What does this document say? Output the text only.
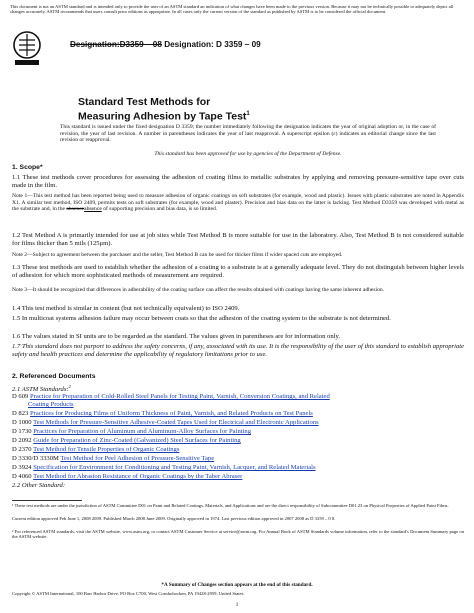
This document is not an ASTM standard and is intended only to provide the user of an ASTM standard an indication of what changes have been made to the previous version. Because it may not be technically possible to adequately depict all changes accurately, ASTM recommends that users consult prior editions as appropriate. In all cases only the current version of the standard as published by ASTM is to be considered the official document.
Designation:D3359 – 08 Designation: D 3359 – 09
Standard Test Methods for
Measuring Adhesion by Tape Test$^1$
This standard is issued under the fixed designation D 3359; the number immediately following the designation indicates the year of original adoption or, in the case of revision, the year of last revision. A number in parentheses indicates the year of last reapproval. A superscript epsilon (ε) indicates an editorial change since the last revision or reapproval.
This standard has been approved for use by agencies of the Department of Defense.
1. Scope*
1.1 These test methods cover procedures for assessing the adhesion of coating films to metallic substrates by applying and removing pressure-sensitive tape over cuts made in the film.
Note 1—This test method has been reported being used to measure adhesion of organic coatings on soft substrates (for example, wood and plastic). Issues with plastic substrates are noted in Appendix X1. A similar test method, ISO 2409, permits tests on soft substrates (for example, wood and plaster). Precision and bias data on the latter is lacking. Test Method D3359 was developed with metal as the substrate and, in the absenceabsence of supporting precision and bias data, is so limited.
1.2 Test Method A is primarily intended for use at job sites while Test Method B is more suitable for use in the laboratory. Also, Test Method B is not considered suitable for films thicker than 5 mils (125μm).
Note 2—Subject to agreement between the purchaser and the seller, Test Method B can be used for thicker films if wider spaced cuts are employed.
1.3 These test methods are used to establish whether the adhesion of a coating to a substrate is at a generally adequate level. They do not distinguish between higher levels of adhesion for which more sophisticated methods of measurement are required.
Note 3—It should be recognized that differences in adherability of the coating surface can affect the results obtained with coatings having the same inherent adhesion.
1.4 This test method is similar in content (but not technically equivalent) to ISO 2409.
1.5 In multicoat systems adhesion failure may occur between coats so that the adhesion of the coating system to the substrate is not determined.
1.6 The values stated in SI units are to be regarded as the standard. The values given in parentheses are for information only.
1.7 This standard does not purport to address the safety concerns, if any, associated with its use. It is the responsibility of the user of this standard to establish appropriate safety and health practices and determine the applicability of regulatory limitations prior to use.
2. Referenced Documents
2.1 ASTM Standards:$^2$
D 609 Practice for Preparation of Cold-Rolled Steel Panels for Testing Paint, Varnish, Conversion Coatings, and Related
Coating Products
D 823 Practices for Producing Films of Uniform Thickness of Paint, Varnish, and Related Products on Test Panels
D 1000 Test Methods for Pressure-Sensitive Adhesive-Coated Tapes Used for Electrical and Electronic Applications
D 1730 Practices for Preparation of Aluminum and Aluminum-Alloy Surfaces for Painting
D 2092 Guide for Preparation of Zinc-Coated (Galvanized) Steel Surfaces for Painting
D 2370 Test Method for Tensile Properties of Organic Coatings
D 3330/D 3330M Test Method for Peel Adhesion of Pressure-Sensitive Tape
D 3924 Specification for Environment for Conditioning and Testing Paint, Varnish, Lacquer, and Related Materials
D 4060 Test Method for Abrasion Resistance of Organic Coatings by the Taber Abraser
2.2 Other Standard:
¹ These test methods are under the jurisdiction of ASTM Committee D01 on Paint and Related Coatings, Materials, and Applications and are the direct responsibility of Subcommittee D01.23 on Physical Properties of Applied Paint Films.
Current edition approved Feb June 1, 2008 2009. Published March 2008 June 2009. Originally approved in 1974. Last previous edition approved in 2007 2008 as D 3359 – 0 8.
² For referenced ASTM standards, visit the ASTM website, www.astm.org, or contact ASTM Customer Service at service@astm.org. For Annual Book of ASTM Standards volume information, refer to the standard's Document Summary page on the ASTM website.
*A Summary of Changes section appears at the end of this standard.
Copyright © ASTM International, 100 Barr Harbor Drive, PO Box C700, West Conshohocken, PA 19428-2959, United States.
1
